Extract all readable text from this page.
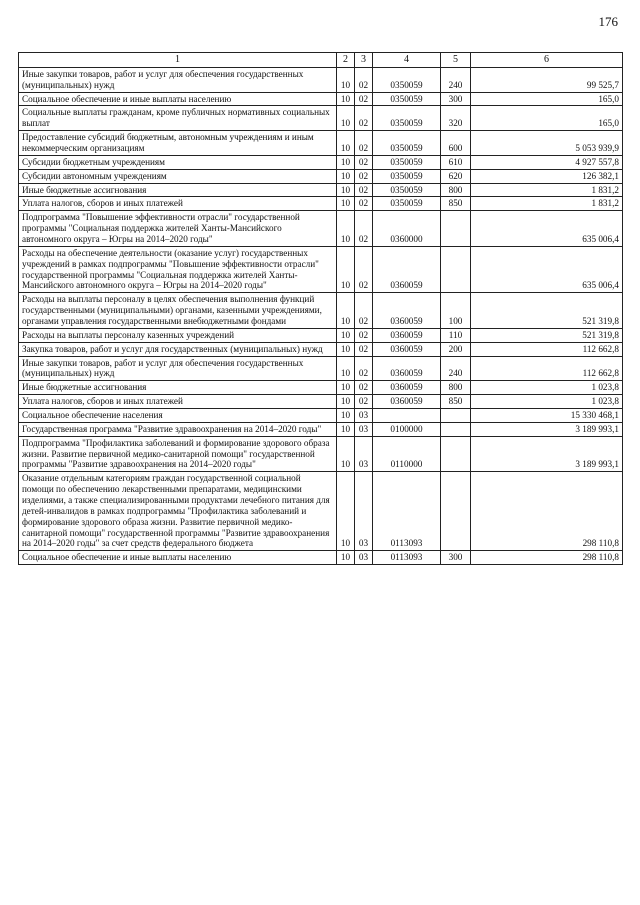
176
1	2	3	4	5	6
Иные закупки товаров, работ и услуг для обеспечения государственных (муниципальных) нужд	10	02	0350059	240	99 525,7
Социальное обеспечение и иные выплаты населению	10	02	0350059	300	165,0
Социальные выплаты гражданам, кроме публичных нормативных социальных выплат	10	02	0350059	320	165,0
Предоставление субсидий бюджетным, автономным учреждениям и иным некоммерческим организациям	10	02	0350059	600	5 053 939,9
Субсидии бюджетным учреждениям	10	02	0350059	610	4 927 557,8
Субсидии автономным учреждениям	10	02	0350059	620	126 382,1
Иные бюджетные ассигнования	10	02	0350059	800	1 831,2
Уплата налогов, сборов и иных платежей	10	02	0350059	850	1 831,2
Подпрограмма "Повышение эффективности отрасли" государственной программы "Социальная поддержка жителей Ханты-Мансийского автономного округа – Югры на 2014–2020 годы"	10	02	0360000		635 006,4
Расходы на обеспечение деятельности (оказание услуг) государственных учреждений в рамках подпрограммы "Повышение эффективности отрасли" государственной программы "Социальная поддержка жителей Ханты-Мансийского автономного округа – Югры на 2014–2020 годы"	10	02	0360059		635 006,4
Расходы на выплаты персоналу в целях обеспечения выполнения функций государственными (муниципальными) органами, казенными учреждениями, органами управления государственными внебюджетными фондами	10	02	0360059	100	521 319,8
Расходы на выплаты персоналу казенных учреждений	10	02	0360059	110	521 319,8
Закупка товаров, работ и услуг для государственных (муниципальных) нужд	10	02	0360059	200	112 662,8
Иные закупки товаров, работ и услуг для обеспечения государственных (муниципальных) нужд	10	02	0360059	240	112 662,8
Иные бюджетные ассигнования	10	02	0360059	800	1 023,8
Уплата налогов, сборов и иных платежей	10	02	0360059	850	1 023,8
Социальное обеспечение населения	10	03			15 330 468,1
Государственная программа "Развитие здравоохранения на 2014–2020 годы"	10	03	0100000		3 189 993,1
Подпрограмма "Профилактика заболеваний и формирование здорового образа жизни. Развитие первичной медико-санитарной помощи" государственной программы "Развитие здравоохранения на 2014–2020 годы"	10	03	0110000		3 189 993,1
Оказание отдельным категориям граждан государственной социальной помощи по обеспечению лекарственными препаратами, медицинскими изделиями, а также специализированными продуктами лечебного питания для детей-инвалидов в рамках подпрограммы "Профилактика заболеваний и формирование здорового образа жизни. Развитие первичной медико-санитарной помощи" государственной программы "Развитие здравоохранения на 2014–2020 годы" за счет средств федерального бюджета	10	03	0113093		298 110,8
Социальное обеспечение и иные выплаты населению	10	03	0113093	300	298 110,8
